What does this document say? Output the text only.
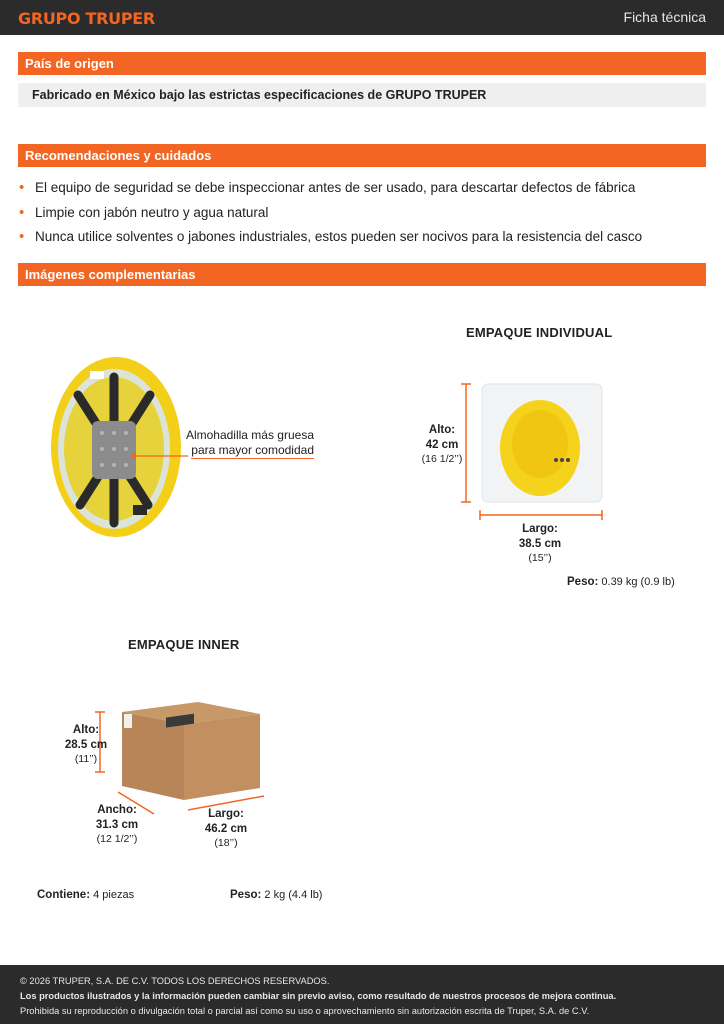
GRUPO TRUPER	Ficha técnica
País de origen
Fabricado en México bajo las estrictas especificaciones de GRUPO TRUPER
Recomendaciones y cuidados
• El equipo de seguridad se debe inspeccionar antes de ser usado, para descartar defectos de fábrica
• Limpie con jabón neutro y agua natural
• Nunca utilice solventes o jabones industriales, estos pueden ser nocivos para la resistencia del casco
Imágenes complementarias
Almohadilla más gruesa
para mayor comodidad
EMPAQUE INDIVIDUAL
Alto:
42 cm
(16 1/2’’)
Largo:
38.5 cm
(15’’)
Peso: 0.39 kg (0.9 lb)
EMPAQUE INNER
Alto:
28.5 cm
(11’’)
Ancho:
31.3 cm
(12 1/2’’)
Largo:
46.2 cm
(18’’)
Contiene: 4 piezas	Peso: 2 kg (4.4 lb)
© 2026 TRUPER, S.A. DE C.V. TODOS LOS DERECHOS RESERVADOS.
Los productos ilustrados y la información pueden cambiar sin previo aviso, como resultado de nuestros procesos de mejora continua.
Prohibida su reproducción o divulgación total o parcial así como su uso o aprovechamiento sin autorización escrita de Truper, S.A. de C.V.
